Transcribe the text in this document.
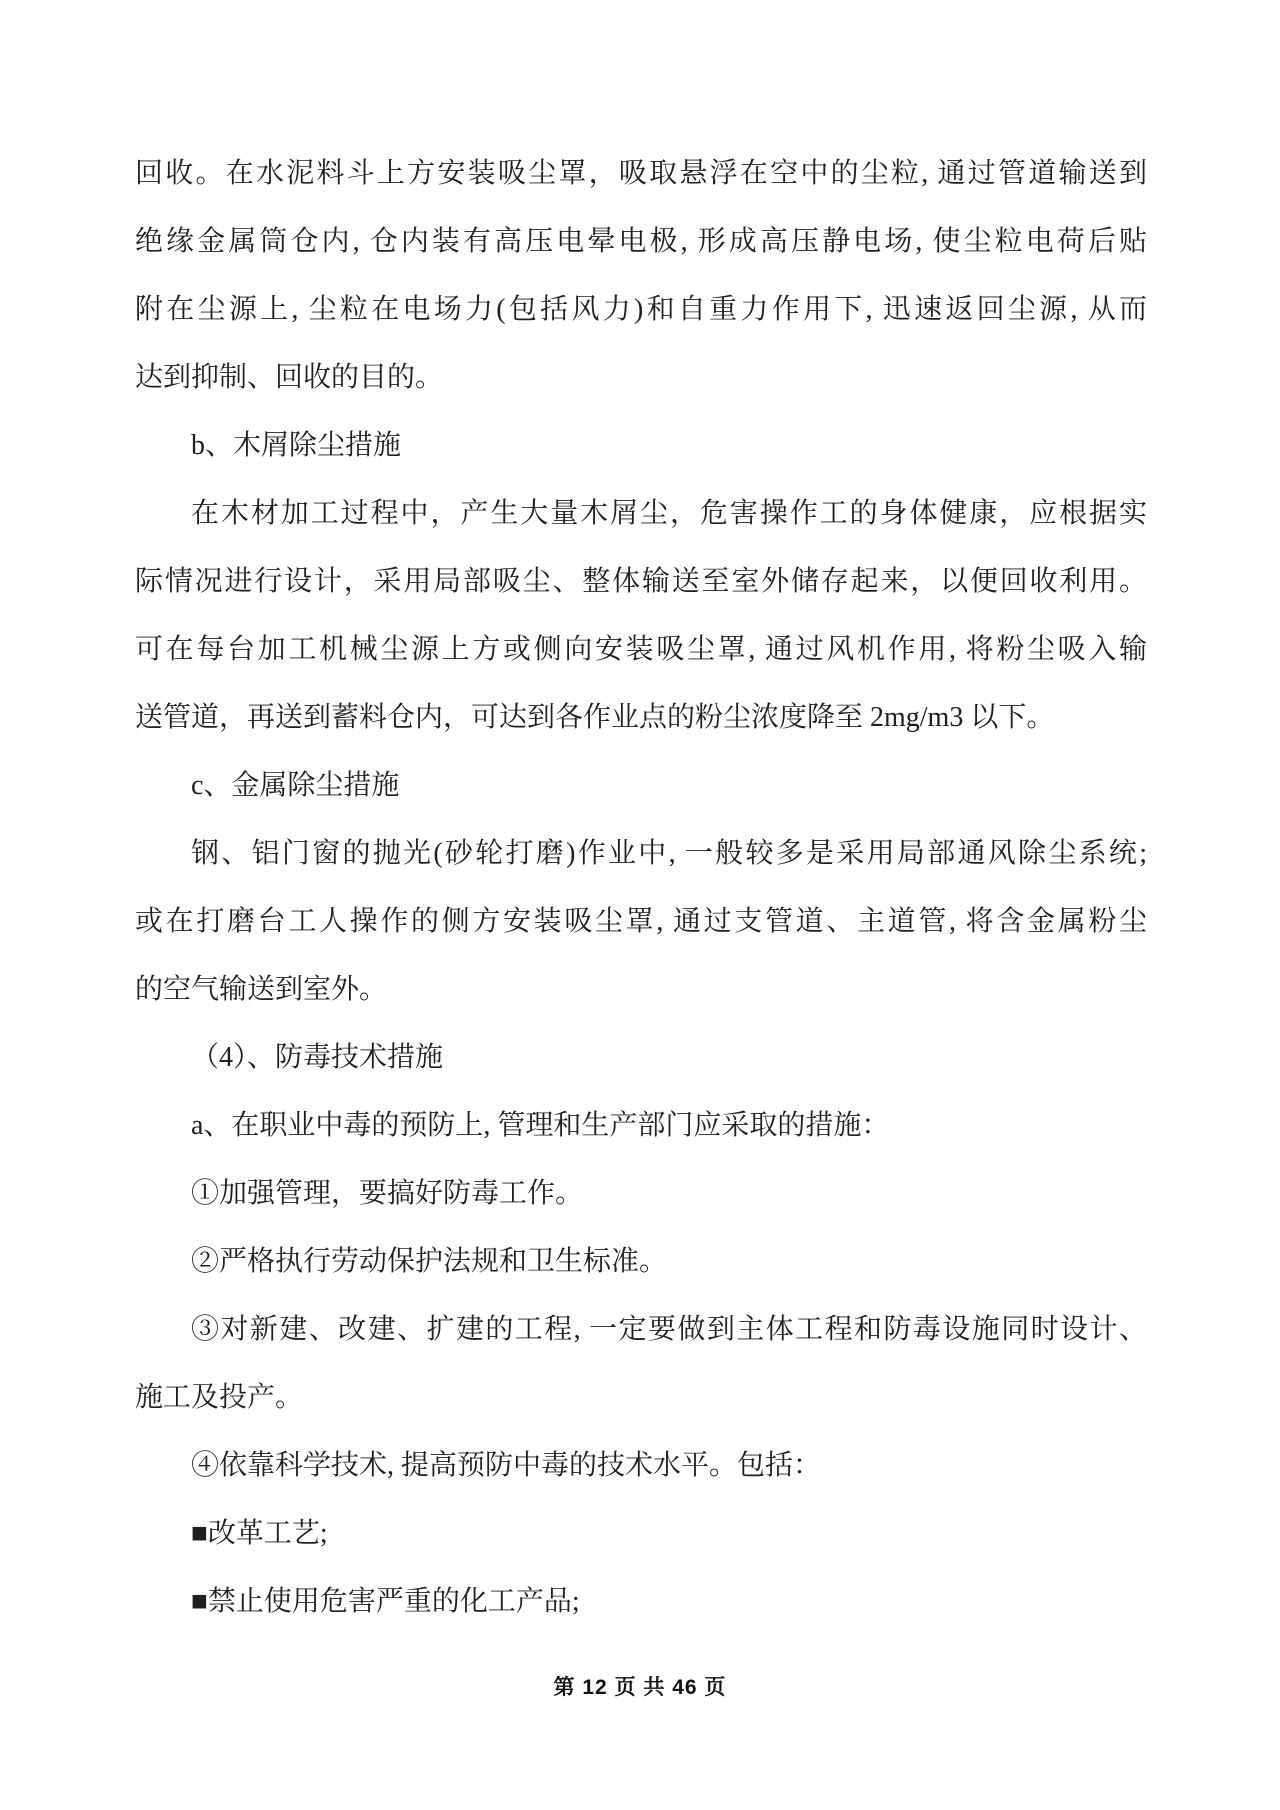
回收。在水泥料斗上方安装吸尘罩，吸取悬浮在空中的尘粒, 通过管道输送到
绝缘金属筒仓内, 仓内装有高压电晕电极, 形成高压静电场, 使尘粒电荷后贴
附在尘源上, 尘粒在电场力(包括风力)和自重力作用下, 迅速返回尘源, 从而
达到抑制、回收的目的。
b、木屑除尘措施
在木材加工过程中，产生大量木屑尘，危害操作工的身体健康，应根据实
际情况进行设计，采用局部吸尘、整体输送至室外储存起来，以便回收利用。
可在每台加工机械尘源上方或侧向安装吸尘罩, 通过风机作用, 将粉尘吸入输
送管道，再送到蓄料仓内，可达到各作业点的粉尘浓度降至 2mg/m3 以下。
c、金属除尘措施
钢、铝门窗的抛光(砂轮打磨)作业中, 一般较多是采用局部通风除尘系统;
或在打磨台工人操作的侧方安装吸尘罩, 通过支管道、主道管, 将含金属粉尘
的空气输送到室外。
（4）、防毒技术措施
a、在职业中毒的预防上, 管理和生产部门应采取的措施：
①加强管理，要搞好防毒工作。
②严格执行劳动保护法规和卫生标准。
③对新建、改建、扩建的工程, 一定要做到主体工程和防毒设施同时设计、
施工及投产。
④依靠科学技术, 提高预防中毒的技术水平。包括：
■改革工艺;
■禁止使用危害严重的化工产品;
第 12 页 共 46 页
